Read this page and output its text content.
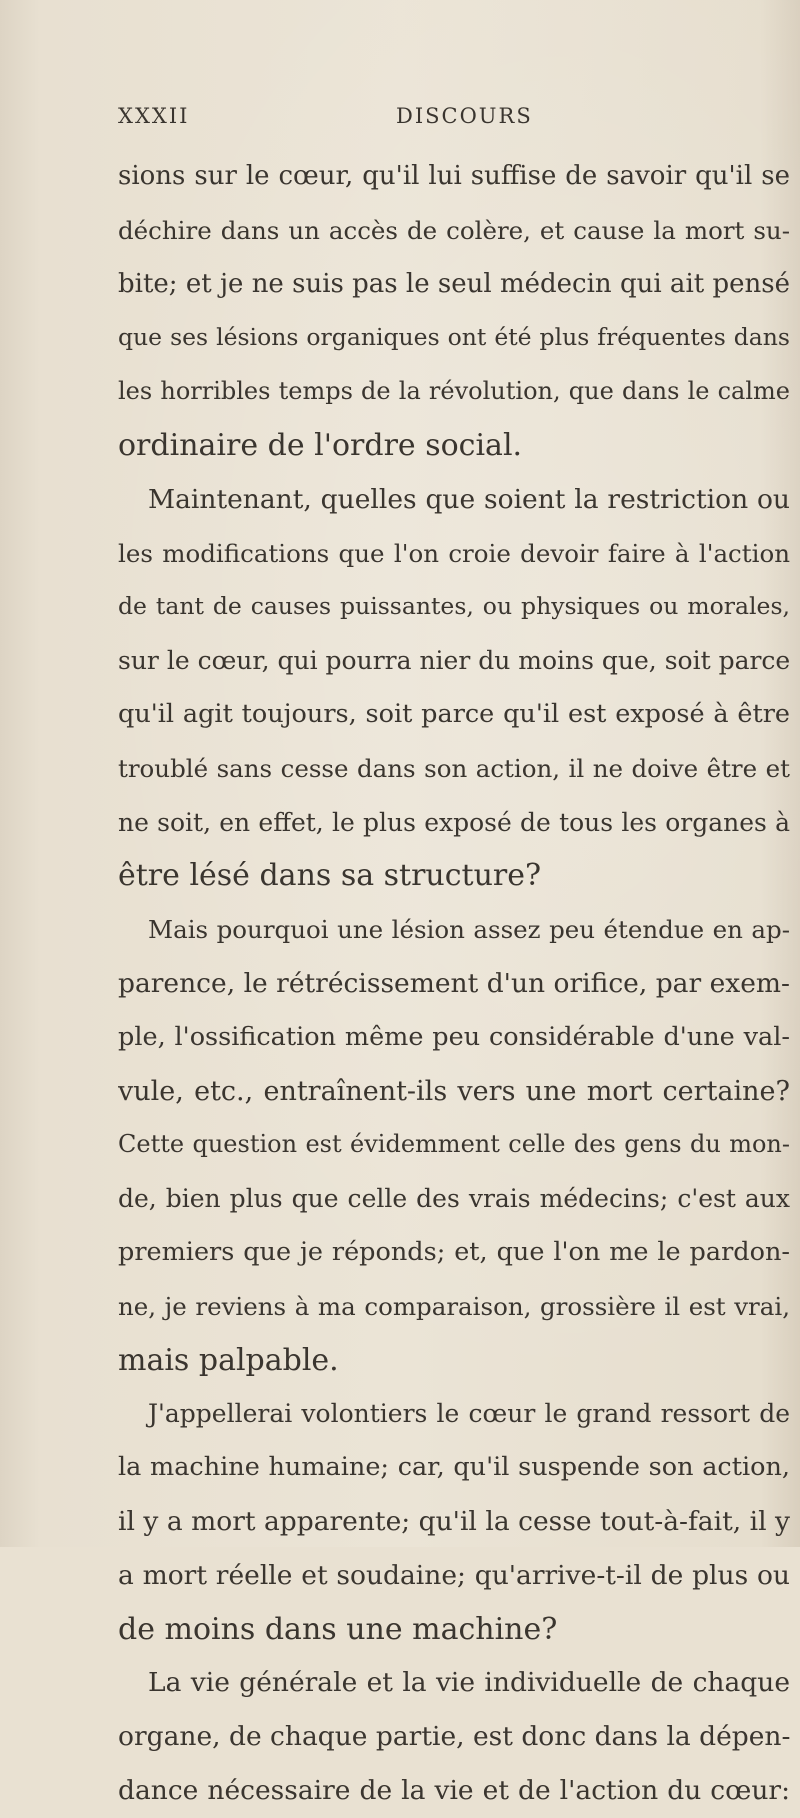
XXXII	DISCOURS
sions sur le cœur, qu'il lui suffise de savoir qu'il se
déchire dans un accès de colère, et cause la mort su-
bite; et je ne suis pas le seul médecin qui ait pensé
que ses lésions organiques ont été plus fréquentes dans
les horribles temps de la révolution, que dans le calme
ordinaire de l'ordre social.
Maintenant, quelles que soient la restriction ou
les modifications que l'on croie devoir faire à l'action
de tant de causes puissantes, ou physiques ou morales,
sur le cœur, qui pourra nier du moins que, soit parce
qu'il agit toujours, soit parce qu'il est exposé à être
troublé sans cesse dans son action, il ne doive être et
ne soit, en effet, le plus exposé de tous les organes à
être lésé dans sa structure?
Mais pourquoi une lésion assez peu étendue en ap-
parence, le rétrécissement d'un orifice, par exem-
ple, l'ossification même peu considérable d'une val-
vule, etc., entraînent-ils vers une mort certaine?
Cette question est évidemment celle des gens du mon-
de, bien plus que celle des vrais médecins; c'est aux
premiers que je réponds; et, que l'on me le pardon-
ne, je reviens à ma comparaison, grossière il est vrai,
mais palpable.
J'appellerai volontiers le cœur le grand ressort de
la machine humaine; car, qu'il suspende son action,
il y a mort apparente; qu'il la cesse tout-à-fait, il y
a mort réelle et soudaine; qu'arrive-t-il de plus ou
de moins dans une machine?
La vie générale et la vie individuelle de chaque
organe, de chaque partie, est donc dans la dépen-
dance nécessaire de la vie et de l'action du cœur:
